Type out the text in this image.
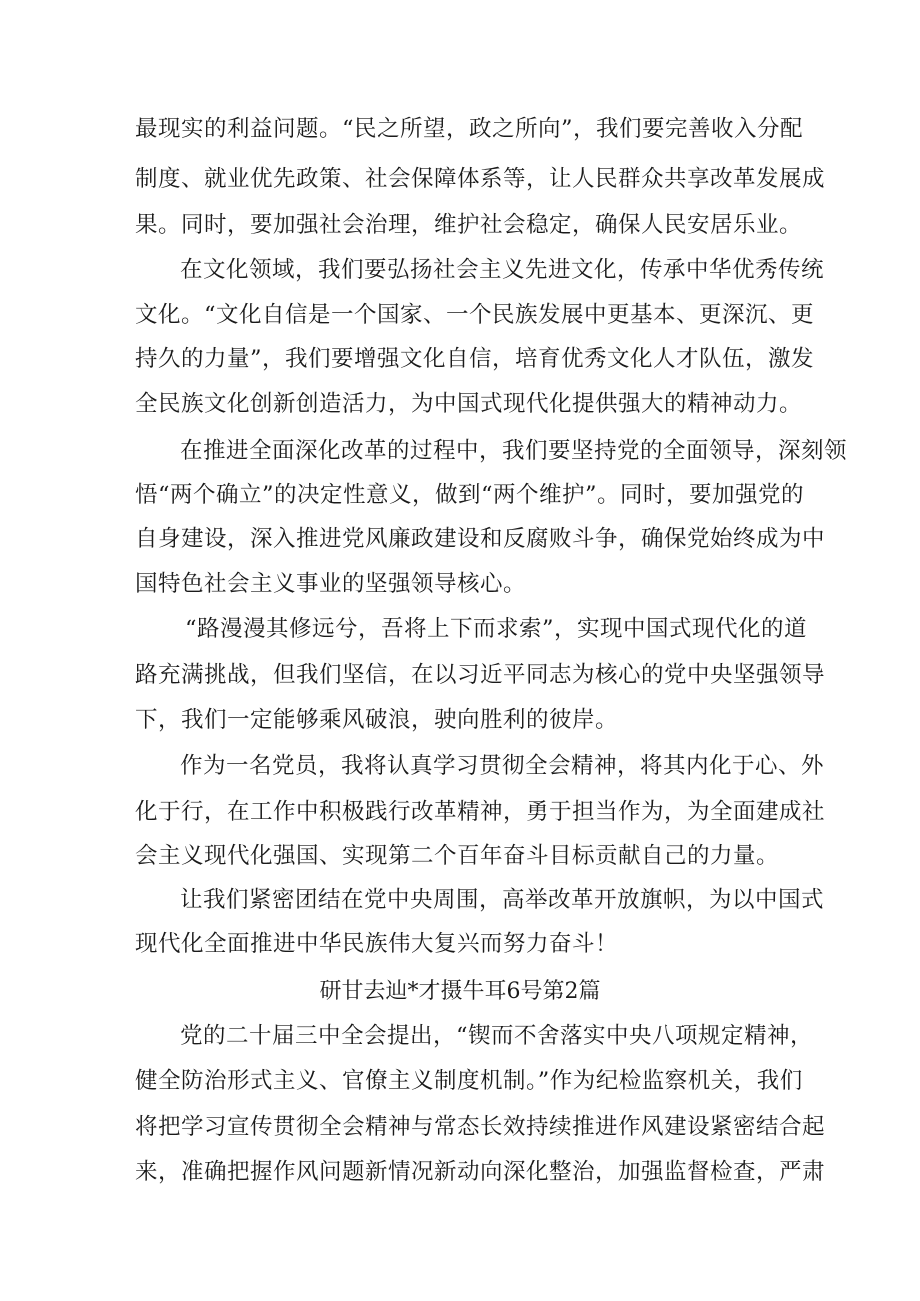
最现实的利益问题。“民之所望，政之所向”，我们要完善收入分配
制度、就业优先政策、社会保障体系等，让人民群众共享改革发展成
果。同时，要加强社会治理，维护社会稳定，确保人民安居乐业。
在文化领域，我们要弘扬社会主义先进文化，传承中华优秀传统
文化。“文化自信是一个国家、一个民族发展中更基本、更深沉、更
持久的力量”，我们要增强文化自信，培育优秀文化人才队伍，激发
全民族文化创新创造活力，为中国式现代化提供强大的精神动力。
在推进全面深化改革的过程中，我们要坚持党的全面领导，深刻领
悟“两个确立”的决定性意义，做到“两个维护”。同时，要加强党的
自身建设，深入推进党风廉政建设和反腐败斗争，确保党始终成为中
国特色社会主义事业的坚强领导核心。
“路漫漫其修远兮，吾将上下而求索”，实现中国式现代化的道
路充满挑战，但我们坚信，在以习近平同志为核心的党中央坚强领导
下，我们一定能够乘风破浪，驶向胜利的彼岸。
作为一名党员，我将认真学习贯彻全会精神，将其内化于心、外
化于行，在工作中积极践行改革精神，勇于担当作为，为全面建成社
会主义现代化强国、实现第二个百年奋斗目标贡献自己的力量。
让我们紧密团结在党中央周围，高举改革开放旗帜，为以中国式
现代化全面推进中华民族伟大复兴而努力奋斗！
研甘去辿*才摄牛耳6号第2篇
党的二十届三中全会提出，“锲而不舍落实中央八项规定精神，
健全防治形式主义、官僚主义制度机制。”作为纪检监察机关，我们
将把学习宣传贯彻全会精神与常态长效持续推进作风建设紧密结合起
来，准确把握作风问题新情况新动向深化整治，加强监督检查，严肃
